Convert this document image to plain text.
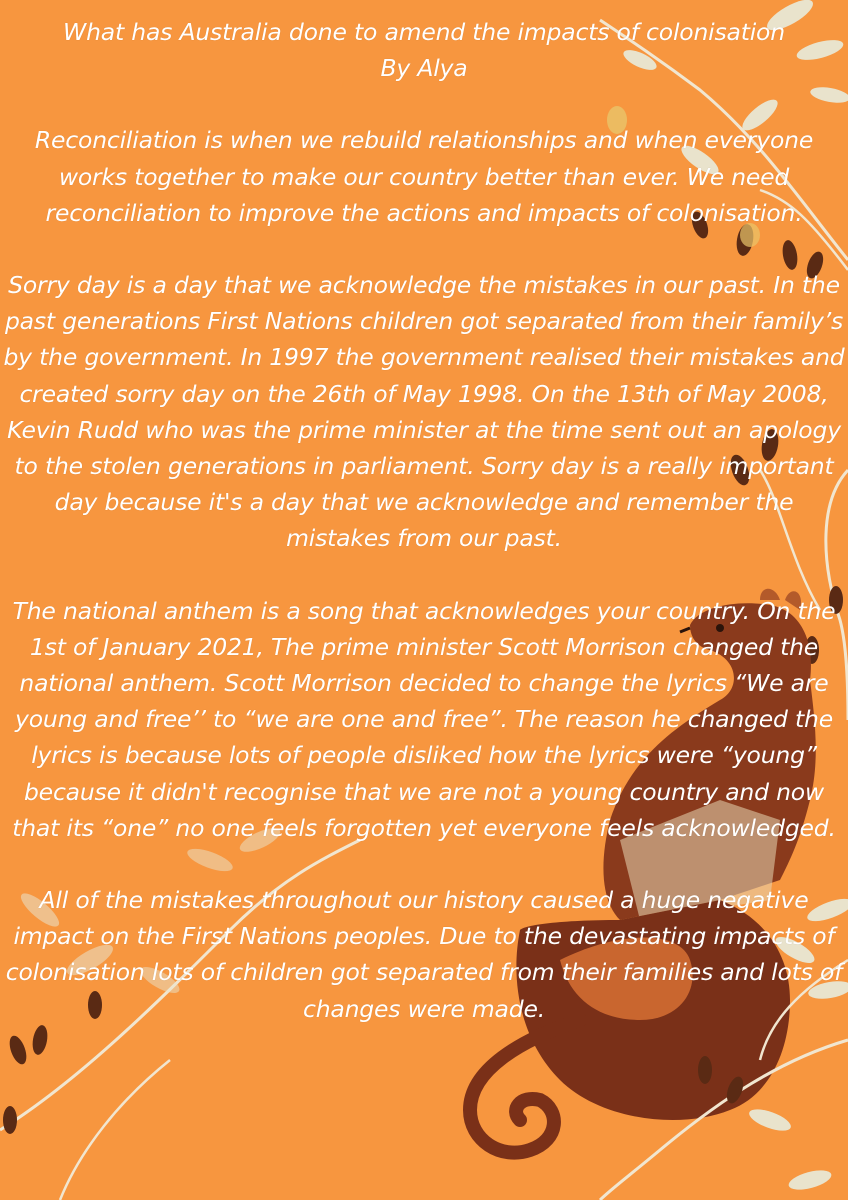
What has Australia done to amend the impacts of colonisation
By Alya

Reconciliation is when we rebuild relationships and when everyone works together to make our country better than ever. We need reconciliation to improve the actions and impacts of colonisation.

Sorry day is a day that we acknowledge the mistakes in our past. In the past generations First Nations children got separated from their family’s by the government. In 1997 the government realised their mistakes and created sorry day on the 26th of May 1998. On the 13th of May 2008, Kevin Rudd who was the prime minister at the time sent out an apology to the stolen generations in parliament. Sorry day is a really important day because it's a day that we acknowledge and remember the mistakes from our past.

The national anthem is a song that acknowledges your country. On the 1st of January 2021, The prime minister Scott Morrison changed the national anthem. Scott Morrison decided to change the lyrics “We are young and free’’ to “we are one and free”. The reason he changed the lyrics is because lots of people disliked how the lyrics were “young” because it didn't recognise that we are not a young country and now that its “one” no one feels forgotten yet everyone feels acknowledged.

All of the mistakes throughout our history caused a huge negative impact on the First Nations peoples. Due to the devastating impacts of colonisation lots of children got separated from their families and lots of changes were made.
